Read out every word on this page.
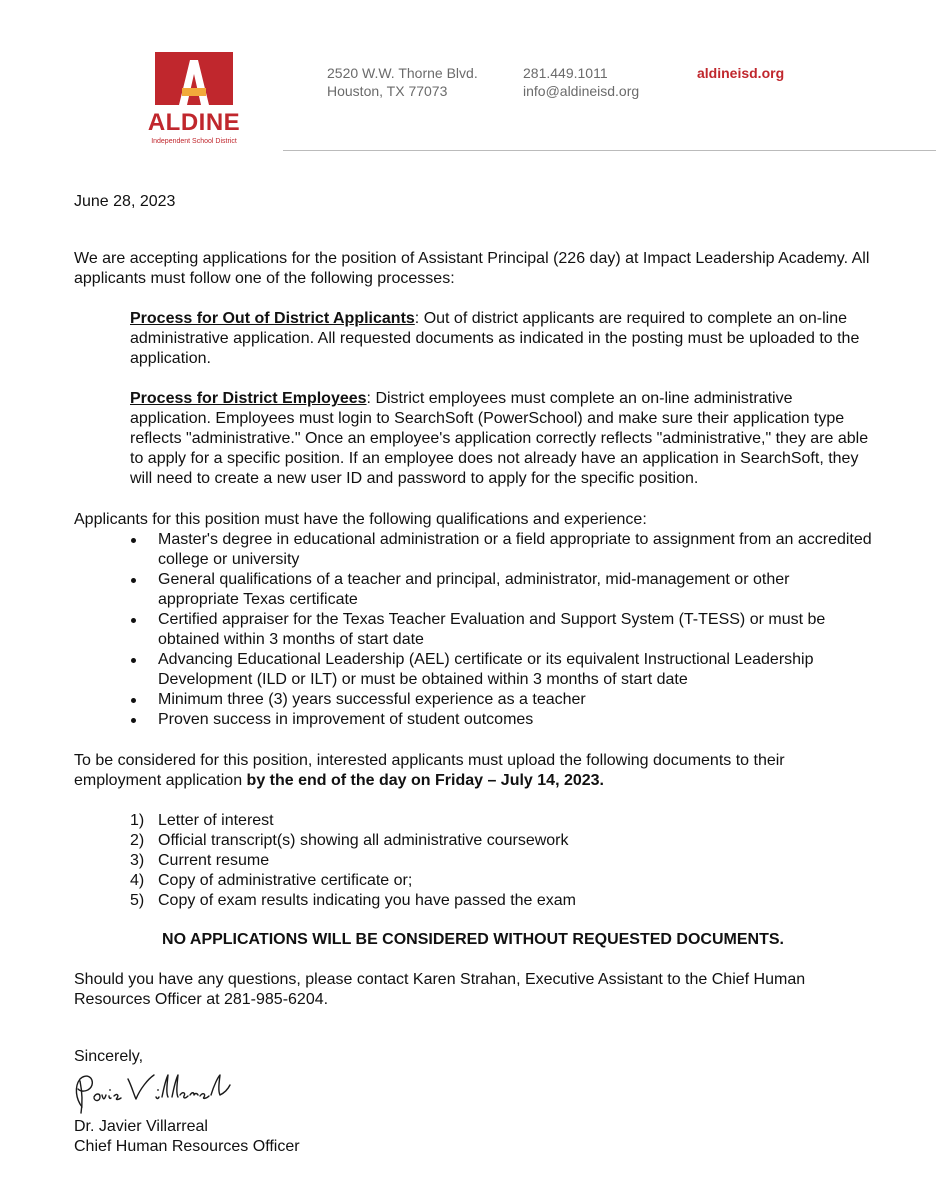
ALDINE
Independent School District
2520 W.W. Thorne Blvd.
Houston, TX 77073
281.449.1011
info@aldineisd.org
aldineisd.org

June 28, 2023

We are accepting applications for the position of Assistant Principal (226 day) at Impact Leadership Academy. All applicants must follow one of the following processes:

Process for Out of District Applicants: Out of district applicants are required to complete an on-line administrative application. All requested documents as indicated in the posting must be uploaded to the application.

Process for District Employees: District employees must complete an on-line administrative application. Employees must login to SearchSoft (PowerSchool) and make sure their application type reflects "administrative." Once an employee's application correctly reflects "administrative," they are able to apply for a specific position. If an employee does not already have an application in SearchSoft, they will need to create a new user ID and password to apply for the specific position.

Applicants for this position must have the following qualifications and experience:

Master's degree in educational administration or a field appropriate to assignment from an accredited college or university
General qualifications of a teacher and principal, administrator, mid-management or other appropriate Texas certificate
Certified appraiser for the Texas Teacher Evaluation and Support System (T-TESS) or must be obtained within 3 months of start date
Advancing Educational Leadership (AEL) certificate or its equivalent Instructional Leadership Development (ILD or ILT) or must be obtained within 3 months of start date
Minimum three (3) years successful experience as a teacher
Proven success in improvement of student outcomes

To be considered for this position, interested applicants must upload the following documents to their employment application by the end of the day on Friday – July 14, 2023.

1) Letter of interest
2) Official transcript(s) showing all administrative coursework
3) Current resume
4) Copy of administrative certificate or;
5) Copy of exam results indicating you have passed the exam

NO APPLICATIONS WILL BE CONSIDERED WITHOUT REQUESTED DOCUMENTS.

Should you have any questions, please contact Karen Strahan, Executive Assistant to the Chief Human Resources Officer at 281-985-6204.

Sincerely,

Dr. Javier Villarreal

Chief Human Resources Officer
